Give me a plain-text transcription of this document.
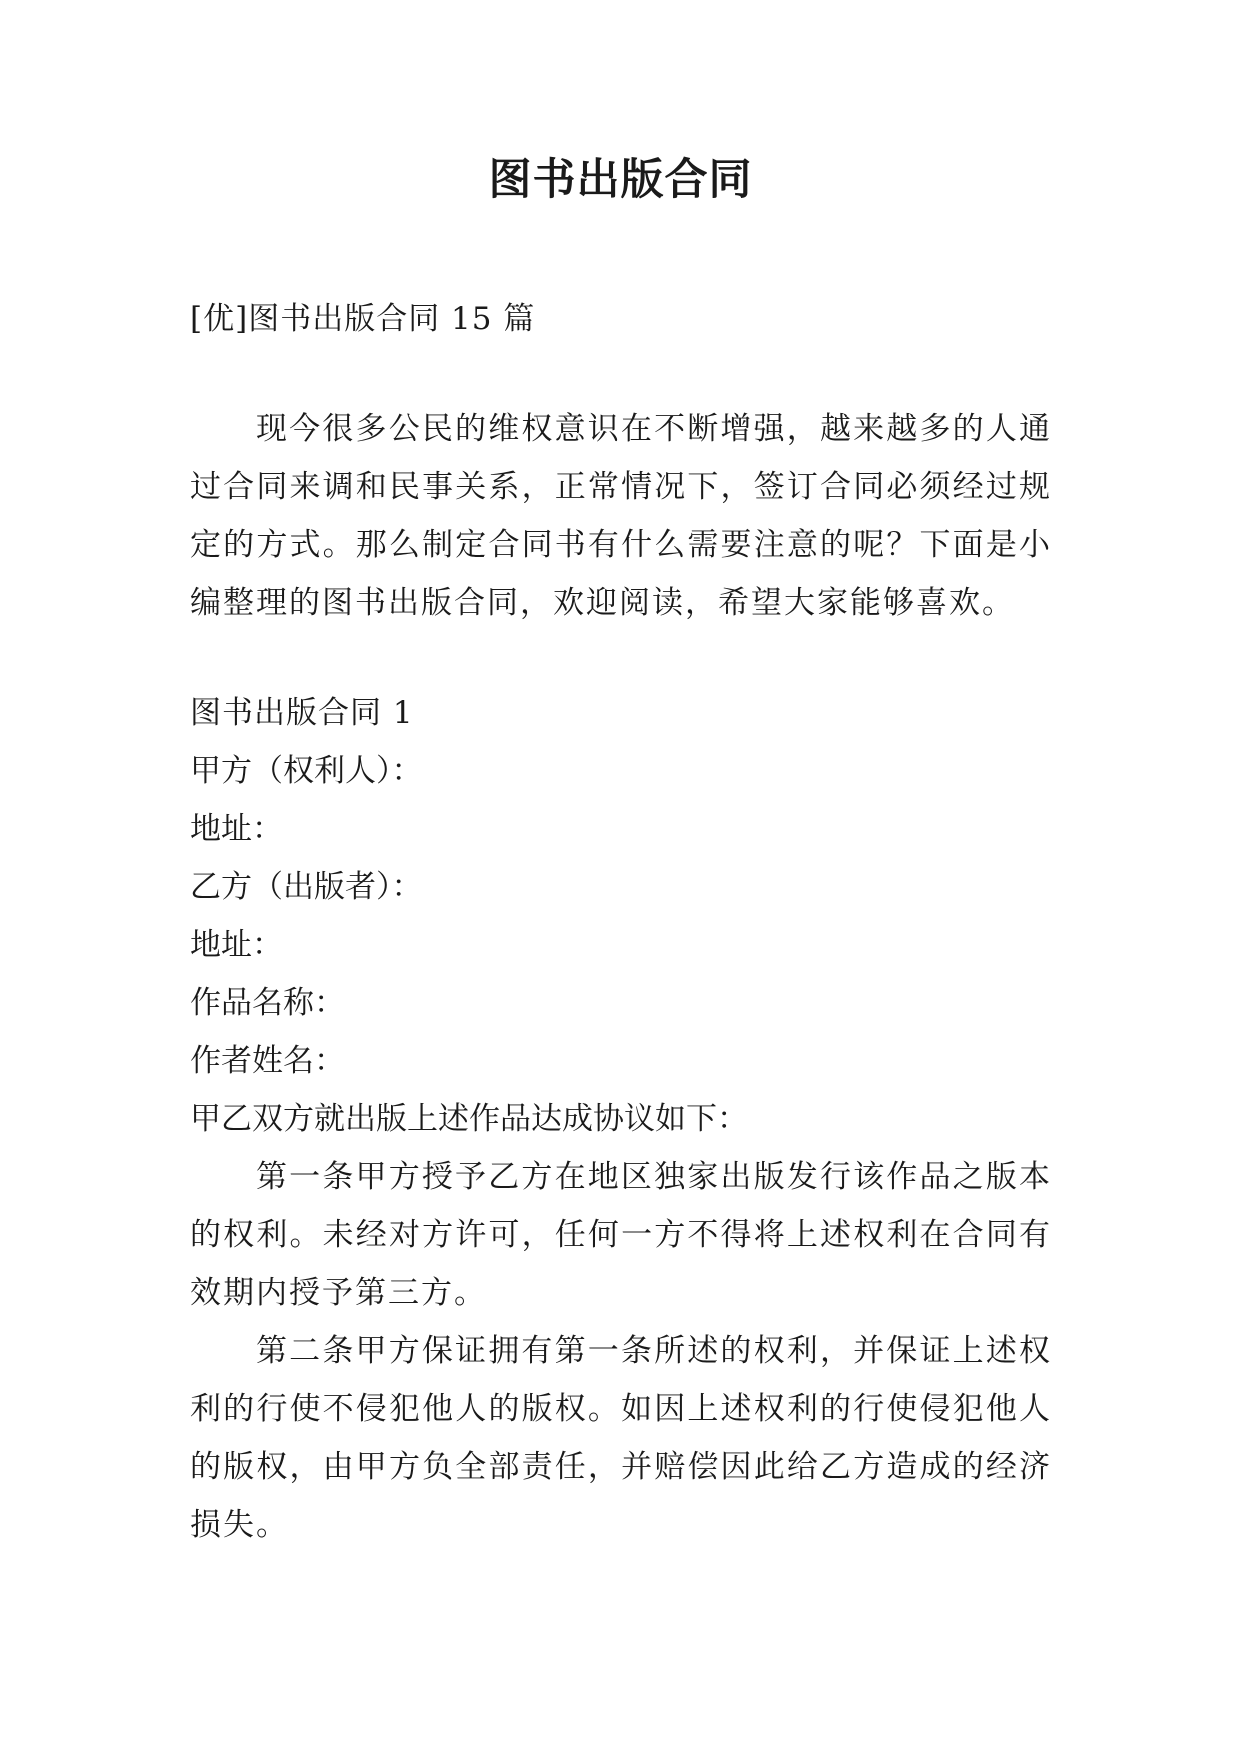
图书出版合同

[优]图书出版合同 15 篇

现今很多公民的维权意识在不断增强，越来越多的人通过合同来调和民事关系，正常情况下，签订合同必须经过规定的方式。那么制定合同书有什么需要注意的呢？下面是小编整理的图书出版合同，欢迎阅读，希望大家能够喜欢。

图书出版合同 1

甲方（权利人）：

地址：

乙方（出版者）：

地址：

作品名称：

作者姓名：

甲乙双方就出版上述作品达成协议如下：

第一条甲方授予乙方在地区独家出版发行该作品之版本的权利。未经对方许可，任何一方不得将上述权利在合同有效期内授予第三方。

第二条甲方保证拥有第一条所述的权利，并保证上述权利的行使不侵犯他人的版权。如因上述权利的行使侵犯他人的版权，由甲方负全部责任，并赔偿因此给乙方造成的经济损失。
